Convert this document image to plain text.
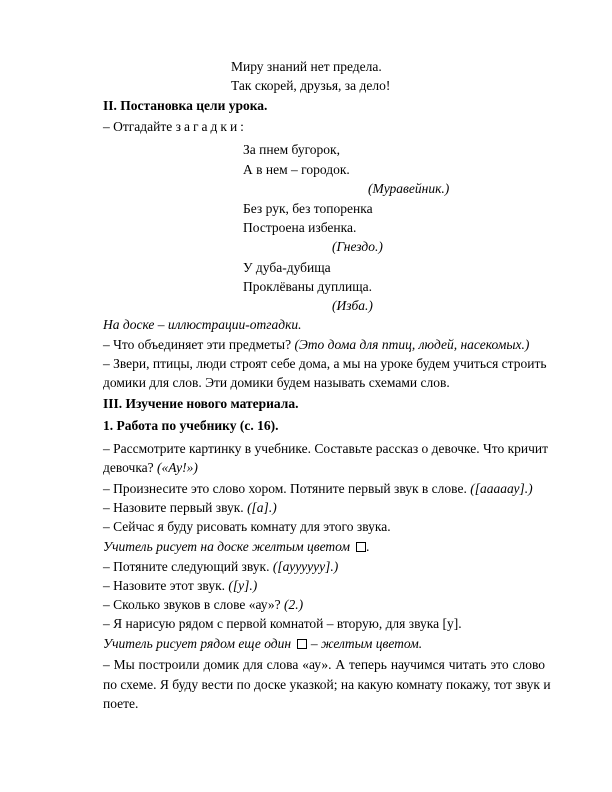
Миру знаний нет предела.
Так скорей, друзья, за дело!
II. Постановка цели урока.
– Отгадайте загадки:
За пнем бугорок,
А в нем – городок.
(Муравейник.)
Без рук, без топоренка
Построена избенка.
(Гнездо.)
У дуба-дубища
Проклёваны дуплища.
(Изба.)
На доске – иллюстрации-отгадки.
– Что объединяет эти предметы? (Это дома для птиц, людей, насекомых.)
– Звери, птицы, люди строят себе дома, а мы на уроке будем учиться строить
домики для слов. Эти домики будем называть схемами слов.
III. Изучение нового материала.
1. Работа по учебнику (с. 16).
– Рассмотрите картинку в учебнике. Составьте рассказ о девочке. Что кричит
девочка? («Ау!»)
– Произнесите это слово хором. Потяните первый звук в слове. ([ааааау].)
– Назовите первый звук. ([а].)
– Сейчас я буду рисовать комнату для этого звука.
Учитель рисует на доске желтым цветом .
– Потяните следующий звук. ([ауууууу].)
– Назовите этот звук. ([у].)
– Сколько звуков в слове «ау»? (2.)
– Я нарисую рядом с первой комнатой – вторую, для звука [у].
Учитель рисует рядом еще один  – желтым цветом.
– Мы построили домик для слова «ау». А теперь научимся читать это слово
по схеме. Я буду вести по доске указкой; на какую комнату покажу, тот звук и
поете.
